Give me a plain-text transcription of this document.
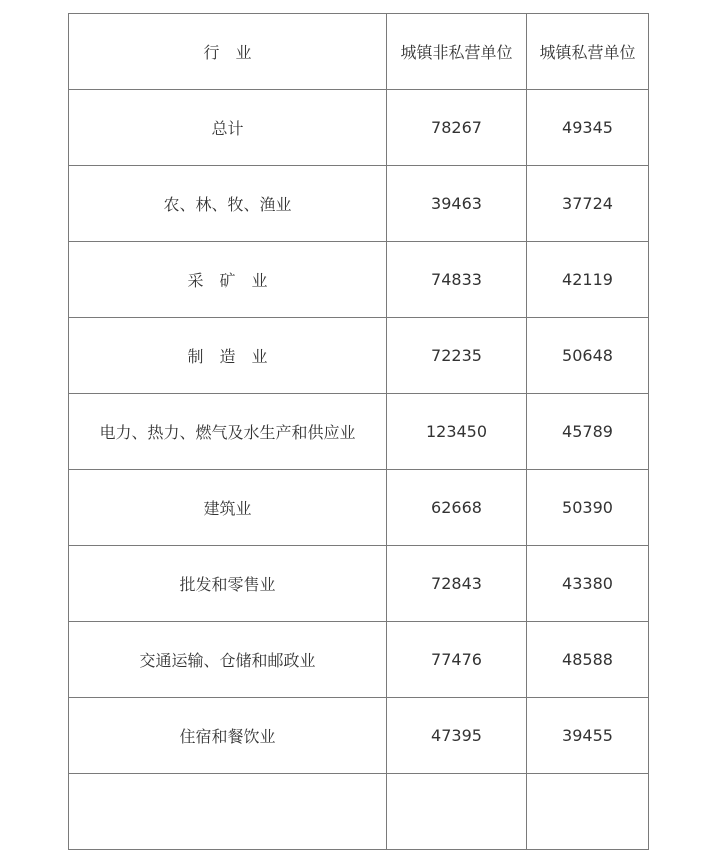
行　业	城镇非私营单位	城镇私营单位
总计	78267	49345
农、林、牧、渔业	39463	37724
采　矿　业	74833	42119
制　造　业	72235	50648
电力、热力、燃气及水生产和供应业	123450	45789
建筑业	62668	50390
批发和零售业	72843	43380
交通运输、仓储和邮政业	77476	48588
住宿和餐饮业	47395	39455
